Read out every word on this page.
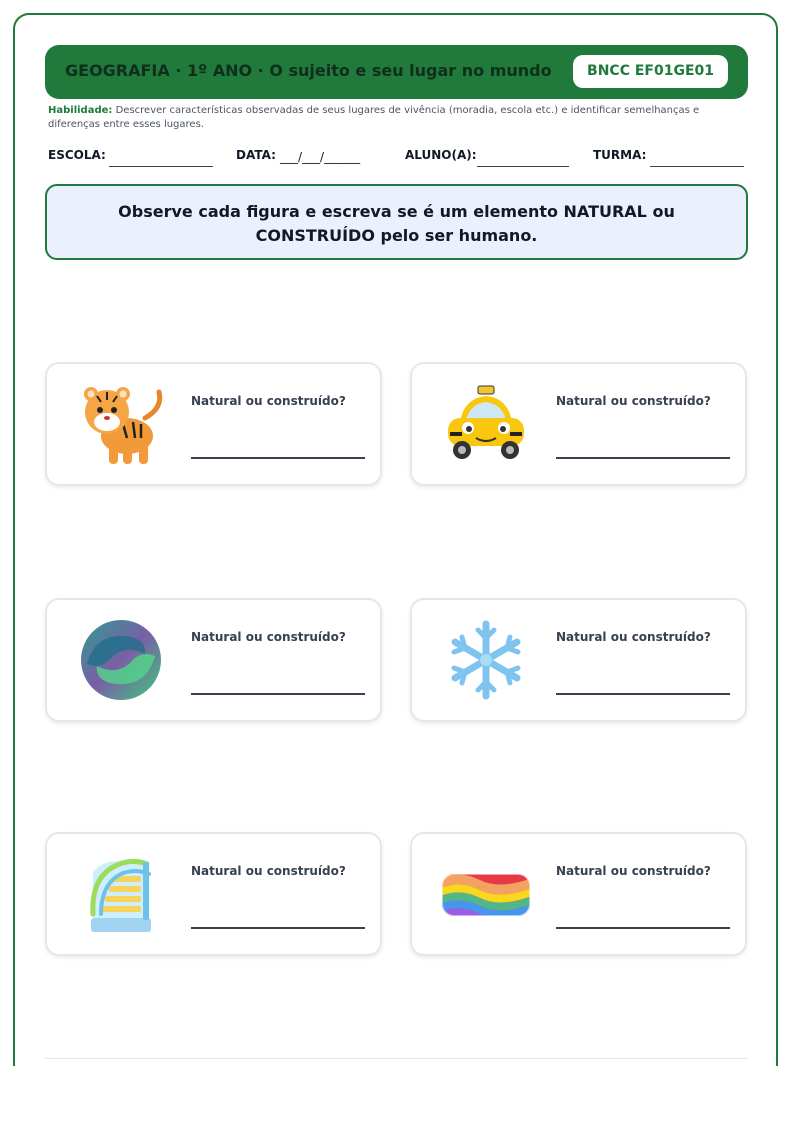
GEOGRAFIA · 1º ANO · O sujeito e seu lugar no mundo	BNCC EF01GE01
Habilidade: Descrever características observadas de seus lugares de vivência (moradia, escola etc.) e identificar semelhanças e diferenças entre esses lugares.
ESCOLA:	DATA: ___/___/______	ALUNO(A):	TURMA:
Observe cada figura e escreva se é um elemento NATURAL ou
CONSTRUÍDO pelo ser humano.
Natural ou construído?	Natural ou construído?
Natural ou construído?	Natural ou construído?
Natural ou construído?	Natural ou construído?
